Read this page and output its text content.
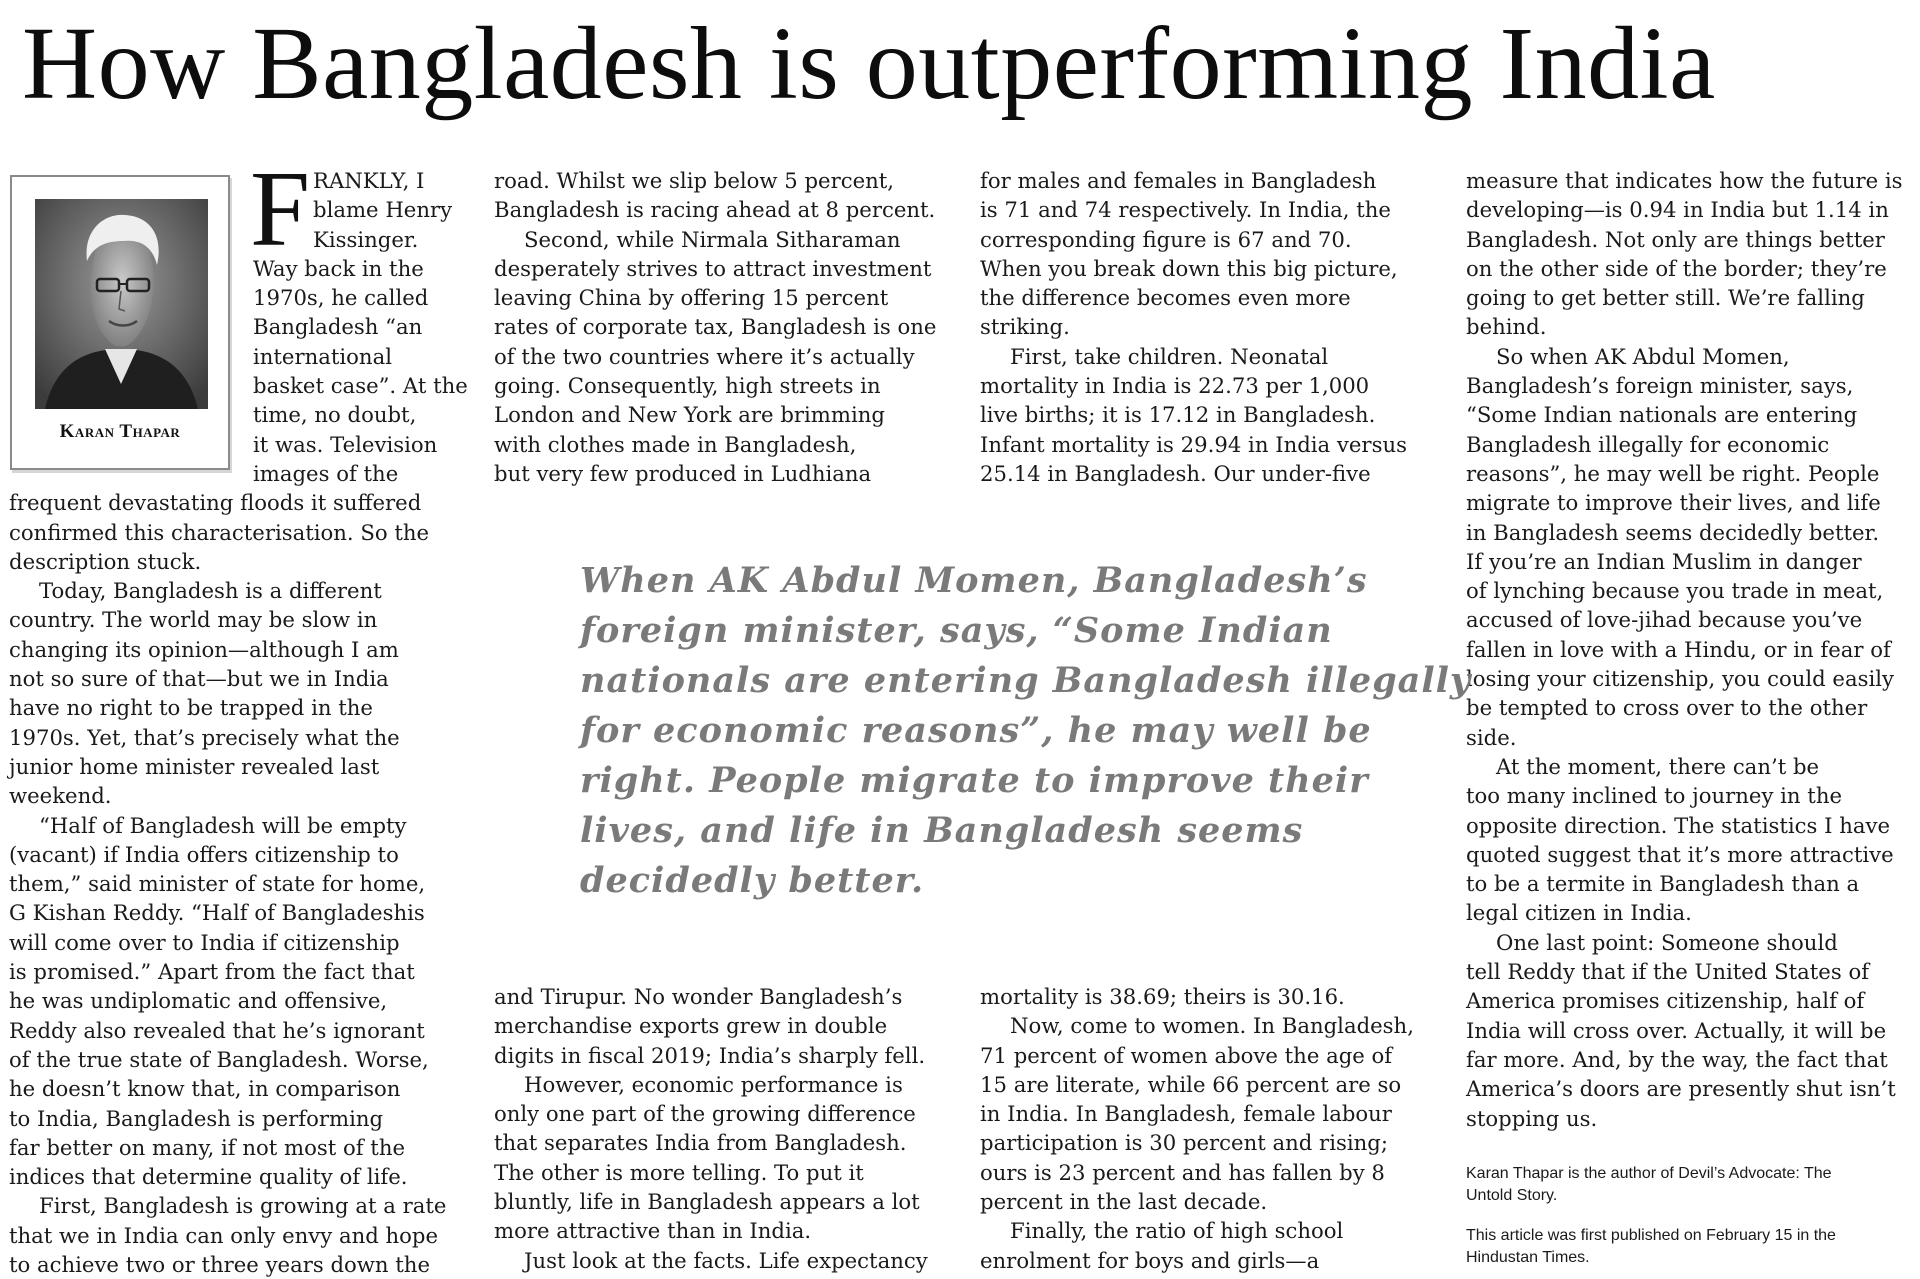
How Bangladesh is outperforming India
Karan Thapar
F RANKLY, I
blame Henry
Kissinger.
Way back in the
1970s, he called
Bangladesh “an
international
basket case”. At the
time, no doubt,
it was. Television
images of the
frequent devastating floods it suffered
confirmed this characterisation. So the
description stuck.
Today, Bangladesh is a different
country. The world may be slow in
changing its opinion—although I am
not so sure of that—but we in India
have no right to be trapped in the
1970s. Yet, that’s precisely what the
junior home minister revealed last
weekend.
“Half of Bangladesh will be empty
(vacant) if India offers citizenship to
them,” said minister of state for home,
G Kishan Reddy. “Half of Bangladeshis
will come over to India if citizenship
is promised.” Apart from the fact that
he was undiplomatic and offensive,
Reddy also revealed that he’s ignorant
of the true state of Bangladesh. Worse,
he doesn’t know that, in comparison
to India, Bangladesh is performing
far better on many, if not most of the
indices that determine quality of life.
First, Bangladesh is growing at a rate
that we in India can only envy and hope
to achieve two or three years down the
road. Whilst we slip below 5 percent,
Bangladesh is racing ahead at 8 percent.
Second, while Nirmala Sitharaman
desperately strives to attract investment
leaving China by offering 15 percent
rates of corporate tax, Bangladesh is one
of the two countries where it’s actually
going. Consequently, high streets in
London and New York are brimming
with clothes made in Bangladesh,
but very few produced in Ludhiana
and Tirupur. No wonder Bangladesh’s
merchandise exports grew in double
digits in fiscal 2019; India’s sharply fell.
However, economic performance is
only one part of the growing difference
that separates India from Bangladesh.
The other is more telling. To put it
bluntly, life in Bangladesh appears a lot
more attractive than in India.
Just look at the facts. Life expectancy
for males and females in Bangladesh
is 71 and 74 respectively. In India, the
corresponding figure is 67 and 70.
When you break down this big picture,
the difference becomes even more
striking.
First, take children. Neonatal
mortality in India is 22.73 per 1,000
live births; it is 17.12 in Bangladesh.
Infant mortality is 29.94 in India versus
25.14 in Bangladesh. Our under-five
mortality is 38.69; theirs is 30.16.
Now, come to women. In Bangladesh,
71 percent of women above the age of
15 are literate, while 66 percent are so
in India. In Bangladesh, female labour
participation is 30 percent and rising;
ours is 23 percent and has fallen by 8
percent in the last decade.
Finally, the ratio of high school
enrolment for boys and girls—a
measure that indicates how the future is
developing—is 0.94 in India but 1.14 in
Bangladesh. Not only are things better
on the other side of the border; they’re
going to get better still. We’re falling
behind.
So when AK Abdul Momen,
Bangladesh’s foreign minister, says,
“Some Indian nationals are entering
Bangladesh illegally for economic
reasons”, he may well be right. People
migrate to improve their lives, and life
in Bangladesh seems decidedly better.
If you’re an Indian Muslim in danger
of lynching because you trade in meat,
accused of love-jihad because you’ve
fallen in love with a Hindu, or in fear of
losing your citizenship, you could easily
be tempted to cross over to the other
side.
At the moment, there can’t be
too many inclined to journey in the
opposite direction. The statistics I have
quoted suggest that it’s more attractive
to be a termite in Bangladesh than a
legal citizen in India.
One last point: Someone should
tell Reddy that if the United States of
America promises citizenship, half of
India will cross over. Actually, it will be
far more. And, by the way, the fact that
America’s doors are presently shut isn’t
stopping us.
When AK Abdul Momen, Bangladesh’s
foreign minister, says, “Some Indian
nationals are entering Bangladesh illegally
for economic reasons”, he may well be
right. People migrate to improve their
lives, and life in Bangladesh seems
decidedly better.
Karan Thapar is the author of Devil’s Advocate: The
Untold Story.
This article was first published on February 15 in the
Hindustan Times.
